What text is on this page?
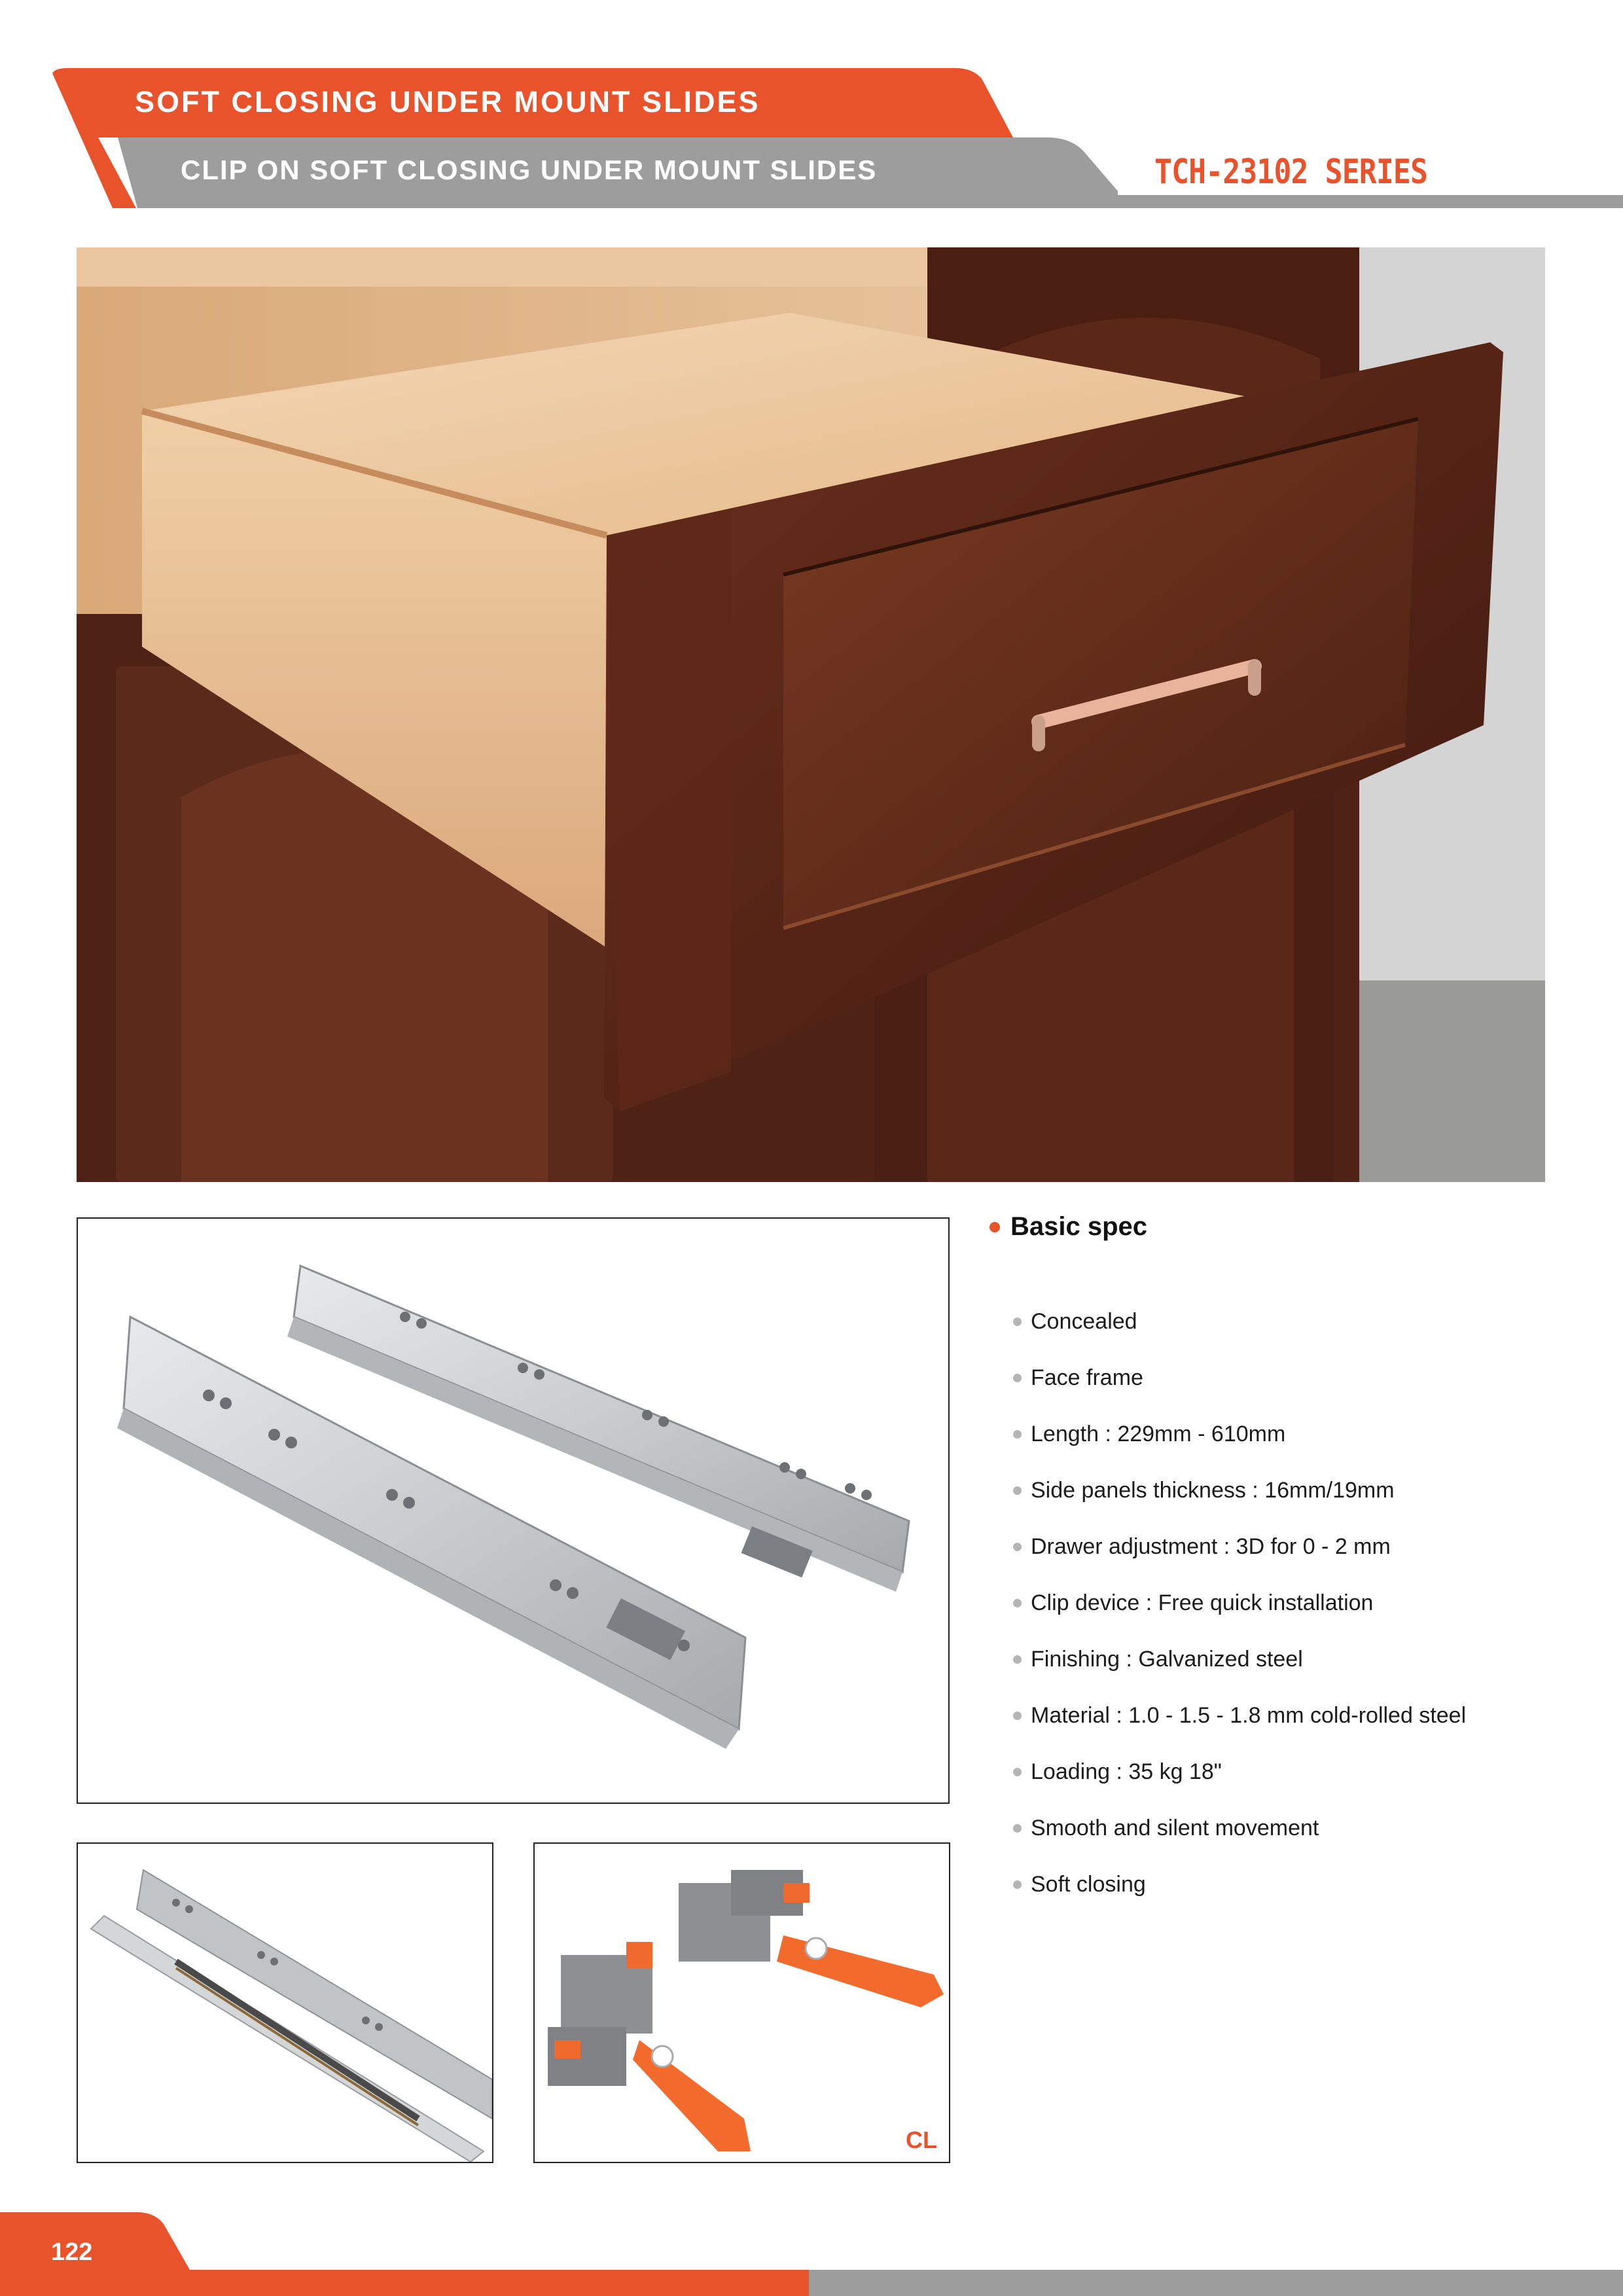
SOFT CLOSING UNDER MOUNT SLIDES
CLIP ON SOFT CLOSING UNDER MOUNT SLIDES	TCH-23102 SERIES
CL
Basic spec
Concealed
Face frame
Length : 229mm - 610mm
Side panels thickness : 16mm/19mm
Drawer adjustment : 3D for 0 - 2 mm
Clip device : Free quick installation
Finishing : Galvanized steel
Material : 1.0 - 1.5 - 1.8 mm cold-rolled steel
Loading : 35 kg 18"
Smooth and silent movement
Soft closing
122
